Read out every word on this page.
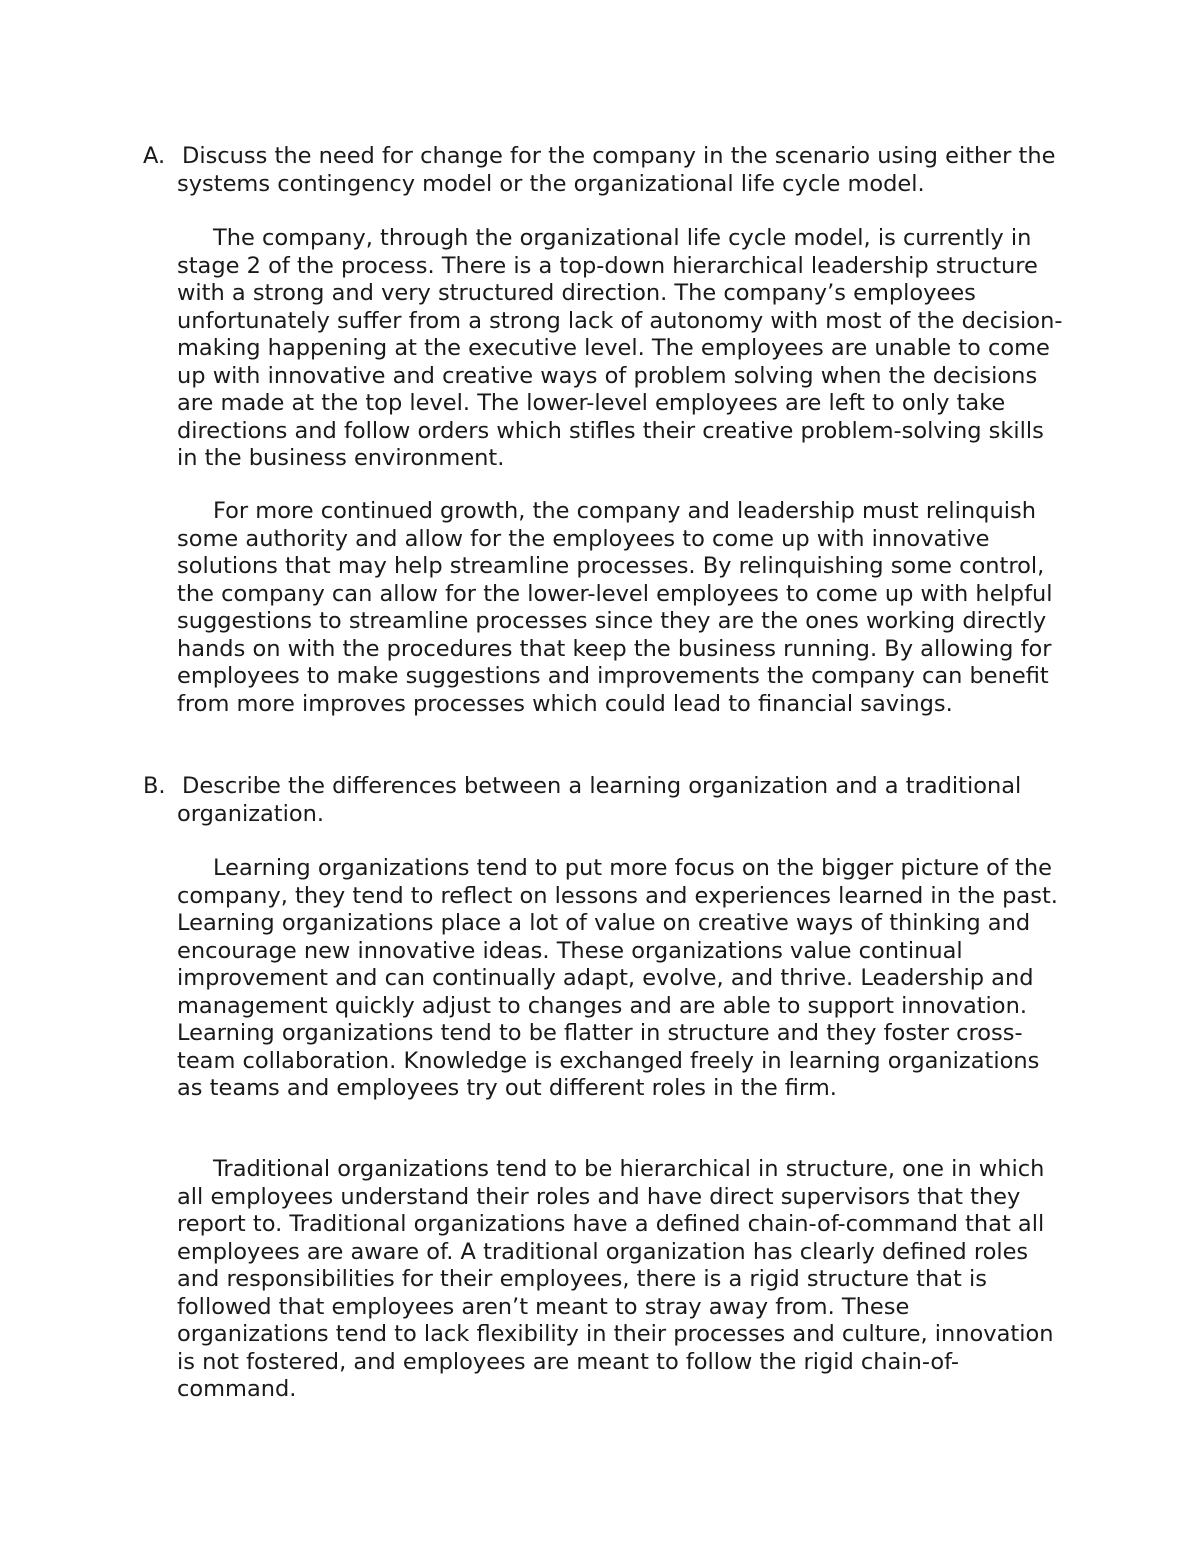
A. Discuss the need for change for the company in the scenario using either the systems contingency model or the organizational life cycle model.

The company, through the organizational life cycle model, is currently in stage 2 of the process. There is a top-down hierarchical leadership structure with a strong and very structured direction. The company’s employees unfortunately suffer from a strong lack of autonomy with most of the decision-making happening at the executive level. The employees are unable to come up with innovative and creative ways of problem solving when the decisions are made at the top level. The lower-level employees are left to only take directions and follow orders which stifles their creative problem-solving skills in the business environment.

For more continued growth, the company and leadership must relinquish some authority and allow for the employees to come up with innovative solutions that may help streamline processes. By relinquishing some control, the company can allow for the lower-level employees to come up with helpful suggestions to streamline processes since they are the ones working directly hands on with the procedures that keep the business running. By allowing for employees to make suggestions and improvements the company can benefit from more improves processes which could lead to financial savings.

B. Describe the differences between a learning organization and a traditional organization.

Learning organizations tend to put more focus on the bigger picture of the company, they tend to reflect on lessons and experiences learned in the past. Learning organizations place a lot of value on creative ways of thinking and encourage new innovative ideas. These organizations value continual improvement and can continually adapt, evolve, and thrive. Leadership and management quickly adjust to changes and are able to support innovation. Learning organizations tend to be flatter in structure and they foster cross-team collaboration. Knowledge is exchanged freely in learning organizations as teams and employees try out different roles in the firm.

Traditional organizations tend to be hierarchical in structure, one in which all employees understand their roles and have direct supervisors that they report to. Traditional organizations have a defined chain-of-command that all employees are aware of. A traditional organization has clearly defined roles and responsibilities for their employees, there is a rigid structure that is followed that employees aren’t meant to stray away from. These organizations tend to lack flexibility in their processes and culture, innovation is not fostered, and employees are meant to follow the rigid chain-of-command.
